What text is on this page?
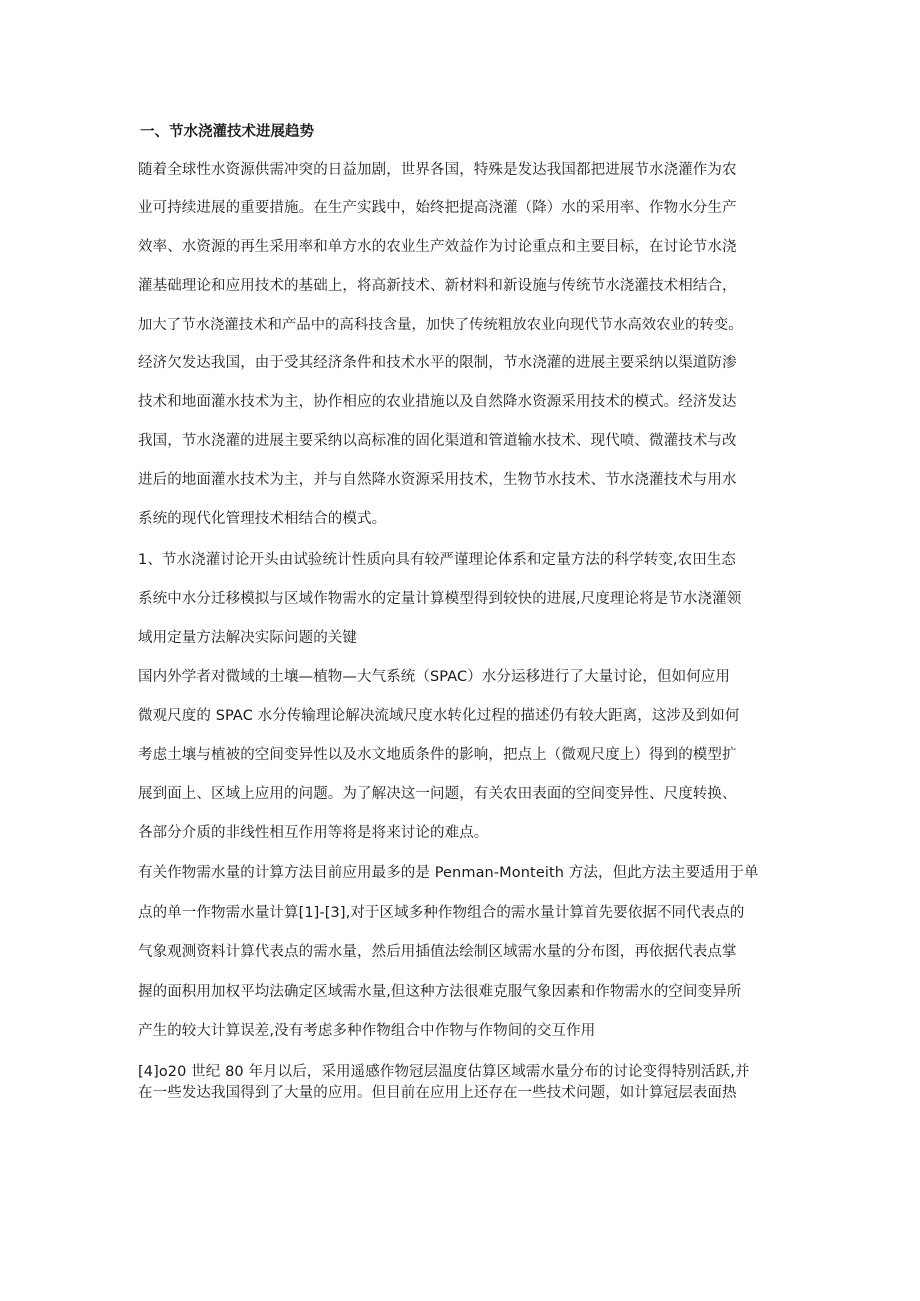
一、节水浇灌技术进展趋势
随着全球性水资源供需冲突的日益加剧，世界各国，特殊是发达我国都把进展节水浇灌作为农
业可持续进展的重要措施。在生产实践中，始终把提高浇灌（降）水的采用率、作物水分生产
效率、水资源的再生采用率和单方水的农业生产效益作为讨论重点和主要目标，在讨论节水浇
灌基础理论和应用技术的基础上，将高新技术、新材料和新设施与传统节水浇灌技术相结合，
加大了节水浇灌技术和产品中的高科技含量，加快了传统粗放农业向现代节水高效农业的转变。
经济欠发达我国，由于受其经济条件和技术水平的限制，节水浇灌的进展主要采纳以渠道防渗
技术和地面灌水技术为主，协作相应的农业措施以及自然降水资源采用技术的模式。经济发达
我国，节水浇灌的进展主要采纳以高标准的固化渠道和管道输水技术、现代喷、微灌技术与改
进后的地面灌水技术为主，并与自然降水资源采用技术，生物节水技术、节水浇灌技术与用水
系统的现代化管理技术相结合的模式。
1、节水浇灌讨论开头由试验统计性质向具有较严谨理论体系和定量方法的科学转变,农田生态
系统中水分迁移模拟与区域作物需水的定量计算模型得到较快的进展,尺度理论将是节水浇灌领
域用定量方法解决实际问题的关键
国内外学者对微域的土壤—植物—大气系统（SPAC）水分运移进行了大量讨论，但如何应用
微观尺度的 SPAC 水分传输理论解决流域尺度水转化过程的描述仍有较大距离，这涉及到如何
考虑土壤与植被的空间变异性以及水文地质条件的影响，把点上（微观尺度上）得到的模型扩
展到面上、区域上应用的问题。为了解决这一问题，有关农田表面的空间变异性、尺度转换、
各部分介质的非线性相互作用等将是将来讨论的难点。
有关作物需水量的计算方法目前应用最多的是 Penman-Monteith 方法，但此方法主要适用于单
点的单一作物需水量计算[1]-[3],对于区域多种作物组合的需水量计算首先要依据不同代表点的
气象观测资料计算代表点的需水量，然后用插值法绘制区域需水量的分布图，再依据代表点掌
握的面积用加权平均法确定区域需水量,但这种方法很难克服气象因素和作物需水的空间变异所
产生的较大计算误差,没有考虑多种作物组合中作物与作物间的交互作用
[4]o20 世纪 80 年月以后，采用遥感作物冠层温度估算区域需水量分布的讨论变得特别活跃,并
在一些发达我国得到了大量的应用。但目前在应用上还存在一些技术问题，如计算冠层表面热
